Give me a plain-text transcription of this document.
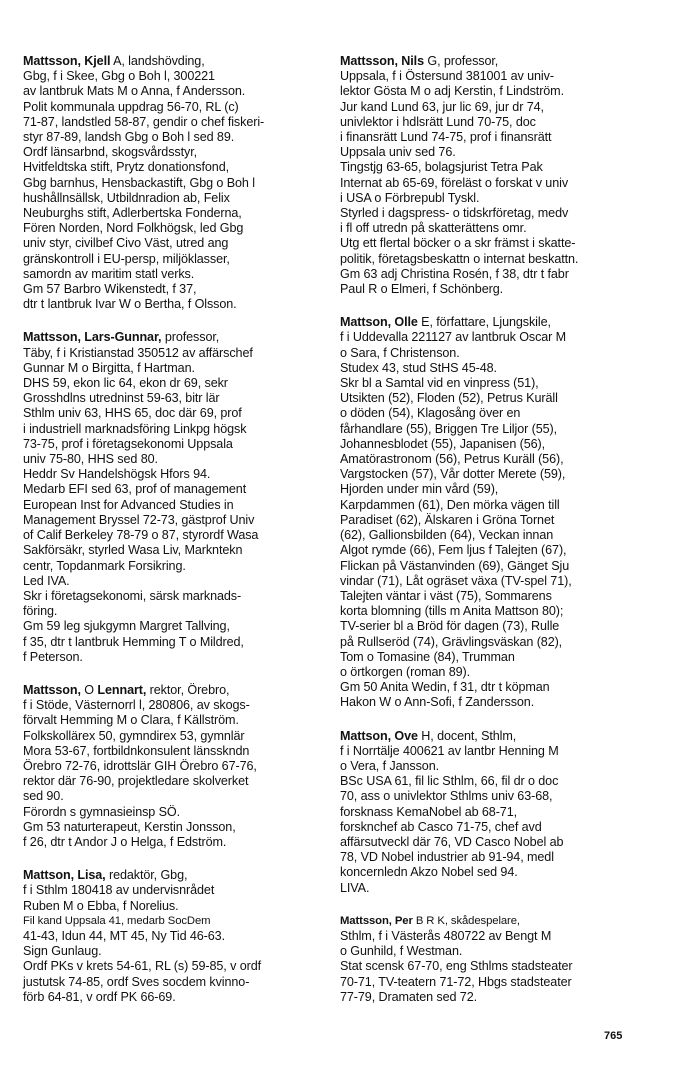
Mattsson, Kjell A, landshövding,
Gbg, f i Skee, Gbg o Boh l, 300221
av lantbruk Mats M o Anna, f Andersson.
Polit kommunala uppdrag 56-70, RL (c)
71-87, landstled 58-87, gendir o chef fiskeri-
styr 87-89, landsh Gbg o Boh l sed 89.
Ordf länsarbnd, skogsvårdsstyr,
Hvitfeldtska stift, Prytz donationsfond,
Gbg barnhus, Hensbackastift, Gbg o Boh l
hushållnsällsk, Utbildnradion ab, Felix
Neuburghs stift, Adlerbertska Fonderna,
Fören Norden, Nord Folkhögsk, led Gbg
univ styr, civilbef Civo Väst, utred ang
gränskontroll i EU-persp, miljöklasser,
samordn av maritim statl verks.
Gm 57 Barbro Wikenstedt, f 37,
dtr t lantbruk Ivar W o Bertha, f Olsson.
Mattsson, Lars-Gunnar, professor,
Täby, f i Kristianstad 350512 av affärschef
Gunnar M o Birgitta, f Hartman.
DHS 59, ekon lic 64, ekon dr 69, sekr
Grosshdlns utredninst 59-63, bitr lär
Sthlm univ 63, HHS 65, doc där 69, prof
i industriell marknadsföring Linkpg högsk
73-75, prof i företagsekonomi Uppsala
univ 75-80, HHS sed 80.
Heddr Sv Handelshögsk Hfors 94.
Medarb EFI sed 63, prof of management
European Inst for Advanced Studies in
Management Bryssel 72-73, gästprof Univ
of Calif Berkeley 78-79 o 87, styrordf Wasa
Sakförsäkr, styrled Wasa Liv, Markntekn
centr, Topdanmark Forsikring.
Led IVA.
Skr i företagsekonomi, särsk marknads-
föring.
Gm 59 leg sjukgymn Margret Tallving,
f 35, dtr t lantbruk Hemming T o Mildred,
f Peterson.
Mattsson, O Lennart, rektor, Örebro,
f i Stöde, Västernorrl l, 280806, av skogs-
förvalt Hemming M o Clara, f Källström.
Folkskollärex 50, gymndirex 53, gymnlär
Mora 53-67, fortbildnkonsulent länsskndn
Örebro 72-76, idrottslär GIH Örebro 67-76,
rektor där 76-90, projektledare skolverket
sed 90.
Förordn s gymnasieinsp SÖ.
Gm 53 naturterapeut, Kerstin Jonsson,
f 26, dtr t Andor J o Helga, f Edström.
Mattson, Lisa, redaktör, Gbg,
f i Sthlm 180418 av undervisnrådet
Ruben M o Ebba, f Norelius.
Fil kand Uppsala 41, medarb SocDem
41-43, Idun 44, MT 45, Ny Tid 46-63.
Sign Gunlaug.
Ordf PKs v krets 54-61, RL (s) 59-85, v ordf
justutsk 74-85, ordf Sves socdem kvinno-
förb 64-81, v ordf PK 66-69.
Mattsson, Nils G, professor,
Uppsala, f i Östersund 381001 av univ-
lektor Gösta M o adj Kerstin, f Lindström.
Jur kand Lund 63, jur lic 69, jur dr 74,
univlektor i hdlsrätt Lund 70-75, doc
i finansrätt Lund 74-75, prof i finansrätt
Uppsala univ sed 76.
Tingstjg 63-65, bolagsjurist Tetra Pak
Internat ab 65-69, föreläst o forskat v univ
i USA o Förbrepubl Tyskl.
Styrled i dagspress- o tidskrföretag, medv
i fl off utredn på skatterättens omr.
Utg ett flertal böcker o a skr främst i skatte-
politik, företagsbeskattn o internat beskattn.
Gm 63 adj Christina Rosén, f 38, dtr t fabr
Paul R o Elmeri, f Schönberg.
Mattson, Olle E, författare, Ljungskile,
f i Uddevalla 221127 av lantbruk Oscar M
o Sara, f Christenson.
Studex 43, stud StHS 45-48.
Skr bl a Samtal vid en vinpress (51),
Utsikten (52), Floden (52), Petrus Kuräll
o döden (54), Klagosång över en
fårhandlare (55), Briggen Tre Liljor (55),
Johannesblodet (55), Japanisen (56),
Amatörastronom (56), Petrus Kuräll (56),
Vargstocken (57), Vår dotter Merete (59),
Hjorden under min vård (59),
Karpdammen (61), Den mörka vägen till
Paradiset (62), Älskaren i Gröna Tornet
(62), Gallionsbilden (64), Veckan innan
Algot rymde (66), Fem ljus f Talejten (67),
Flickan på Västanvinden (69), Gänget Sju
vindar (71), Låt ogräset växa (TV-spel 71),
Talejten väntar i väst (75), Sommarens
korta blomning (tills m Anita Mattson 80);
TV-serier bl a Bröd för dagen (73), Rulle
på Rullseröd (74), Grävlingsväskan (82),
Tom o Tomasine (84), Trumman
o örtkorgen (roman 89).
Gm 50 Anita Wedin, f 31, dtr t köpman
Hakon W o Ann-Sofi, f Zandersson.
Mattson, Ove H, docent, Sthlm,
f i Norrtälje 400621 av lantbr Henning M
o Vera, f Jansson.
BSc USA 61, fil lic Sthlm, 66, fil dr o doc
70, ass o univlektor Sthlms univ 63-68,
forsknass KemaNobel ab 68-71,
forsknchef ab Casco 71-75, chef avd
affärsutveckl där 76, VD Casco Nobel ab
78, VD Nobel industrier ab 91-94, medl
koncernledn Akzo Nobel sed 94.
LIVA.
Mattsson, Per B R K, skådespelare,
Sthlm, f i Västerås 480722 av Bengt M
o Gunhild, f Westman.
Stat scensk 67-70, eng Sthlms stadsteater
70-71, TV-teatern 71-72, Hbgs stadsteater
77-79, Dramaten sed 72.
765
